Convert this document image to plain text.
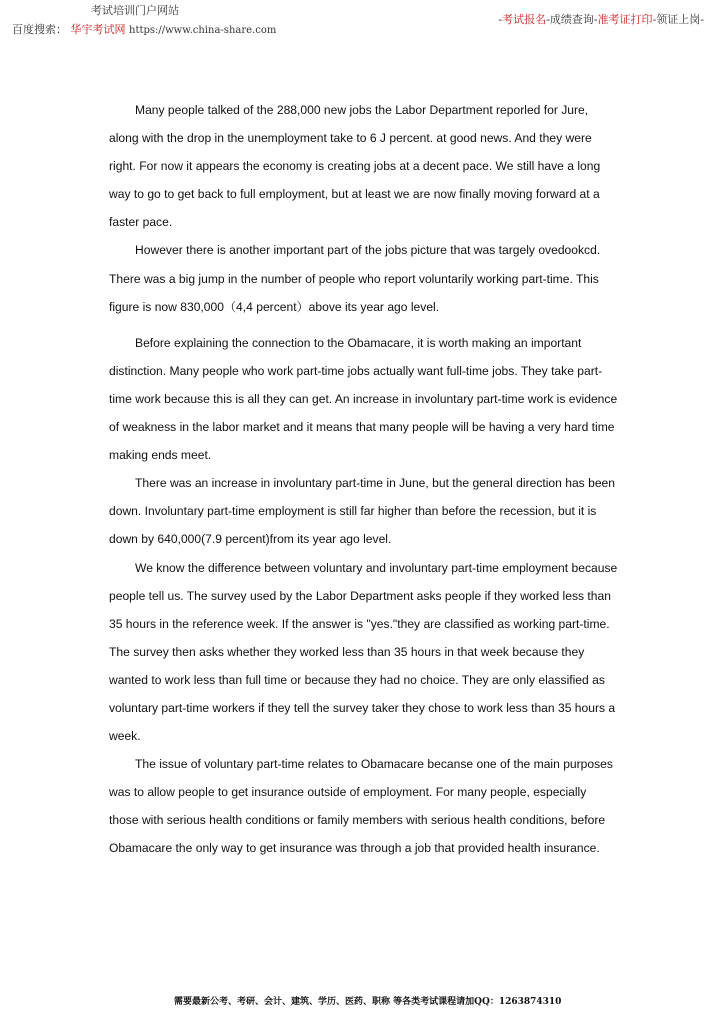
考试培训门户网站
百度搜索： 华宇考试网 https://www.china-share.com
-考试报名-成绩查询-准考证打印-领证上岗-

Many people talked of the 288,000 new jobs the Labor Department reporled for Jure, along with the drop in the unemployment take to 6 J percent. at good news. And they were right. For now it appears the economy is creating jobs at a decent pace. We still have a long way to go to get back to full employment, but at least we are now finally moving forward at a faster pace.

However there is another important part of the jobs picture that was targely ovedookcd. There was a big jump in the number of people who report voluntarily working part-time. This figure is now 830,000（4,4 percent）above its year ago level.

Before explaining the connection to the Obamacare, it is worth making an important distinction. Many people who work part-time jobs actually want full-time jobs. They take part-time work because this is all they can get. An increase in involuntary part-time work is evidence of weakness in the labor market and it means that many people will be having a very hard time making ends meet.

There was an increase in involuntary part-time in June, but the general direction has been down. Involuntary part-time employment is still far higher than before the recession, but it is down by 640,000(7.9 percent)from its year ago level.

We know the difference between voluntary and involuntary part-time employment because people tell us. The survey used by the Labor Department asks people if they worked less than 35 hours in the reference week. If the answer is "yes."they are classified as working part-time. The survey then asks whether they worked less than 35 hours in that week because they wanted to work less than full time or because they had no choice. They are only elassified as voluntary part-time workers if they tell the survey taker they chose to work less than 35 hours a week.

The issue of voluntary part-time relates to Obamacare becanse one of the main purposes was to allow people to get insurance outside of employment. For many people, especially those with serious health conditions or family members with serious health conditions, before Obamacare the only way to get insurance was through a job that provided health insurance.

需要最新公考、考研、会计、建筑、学历、医药、职称 等各类考试课程请加QQ：1263874310
